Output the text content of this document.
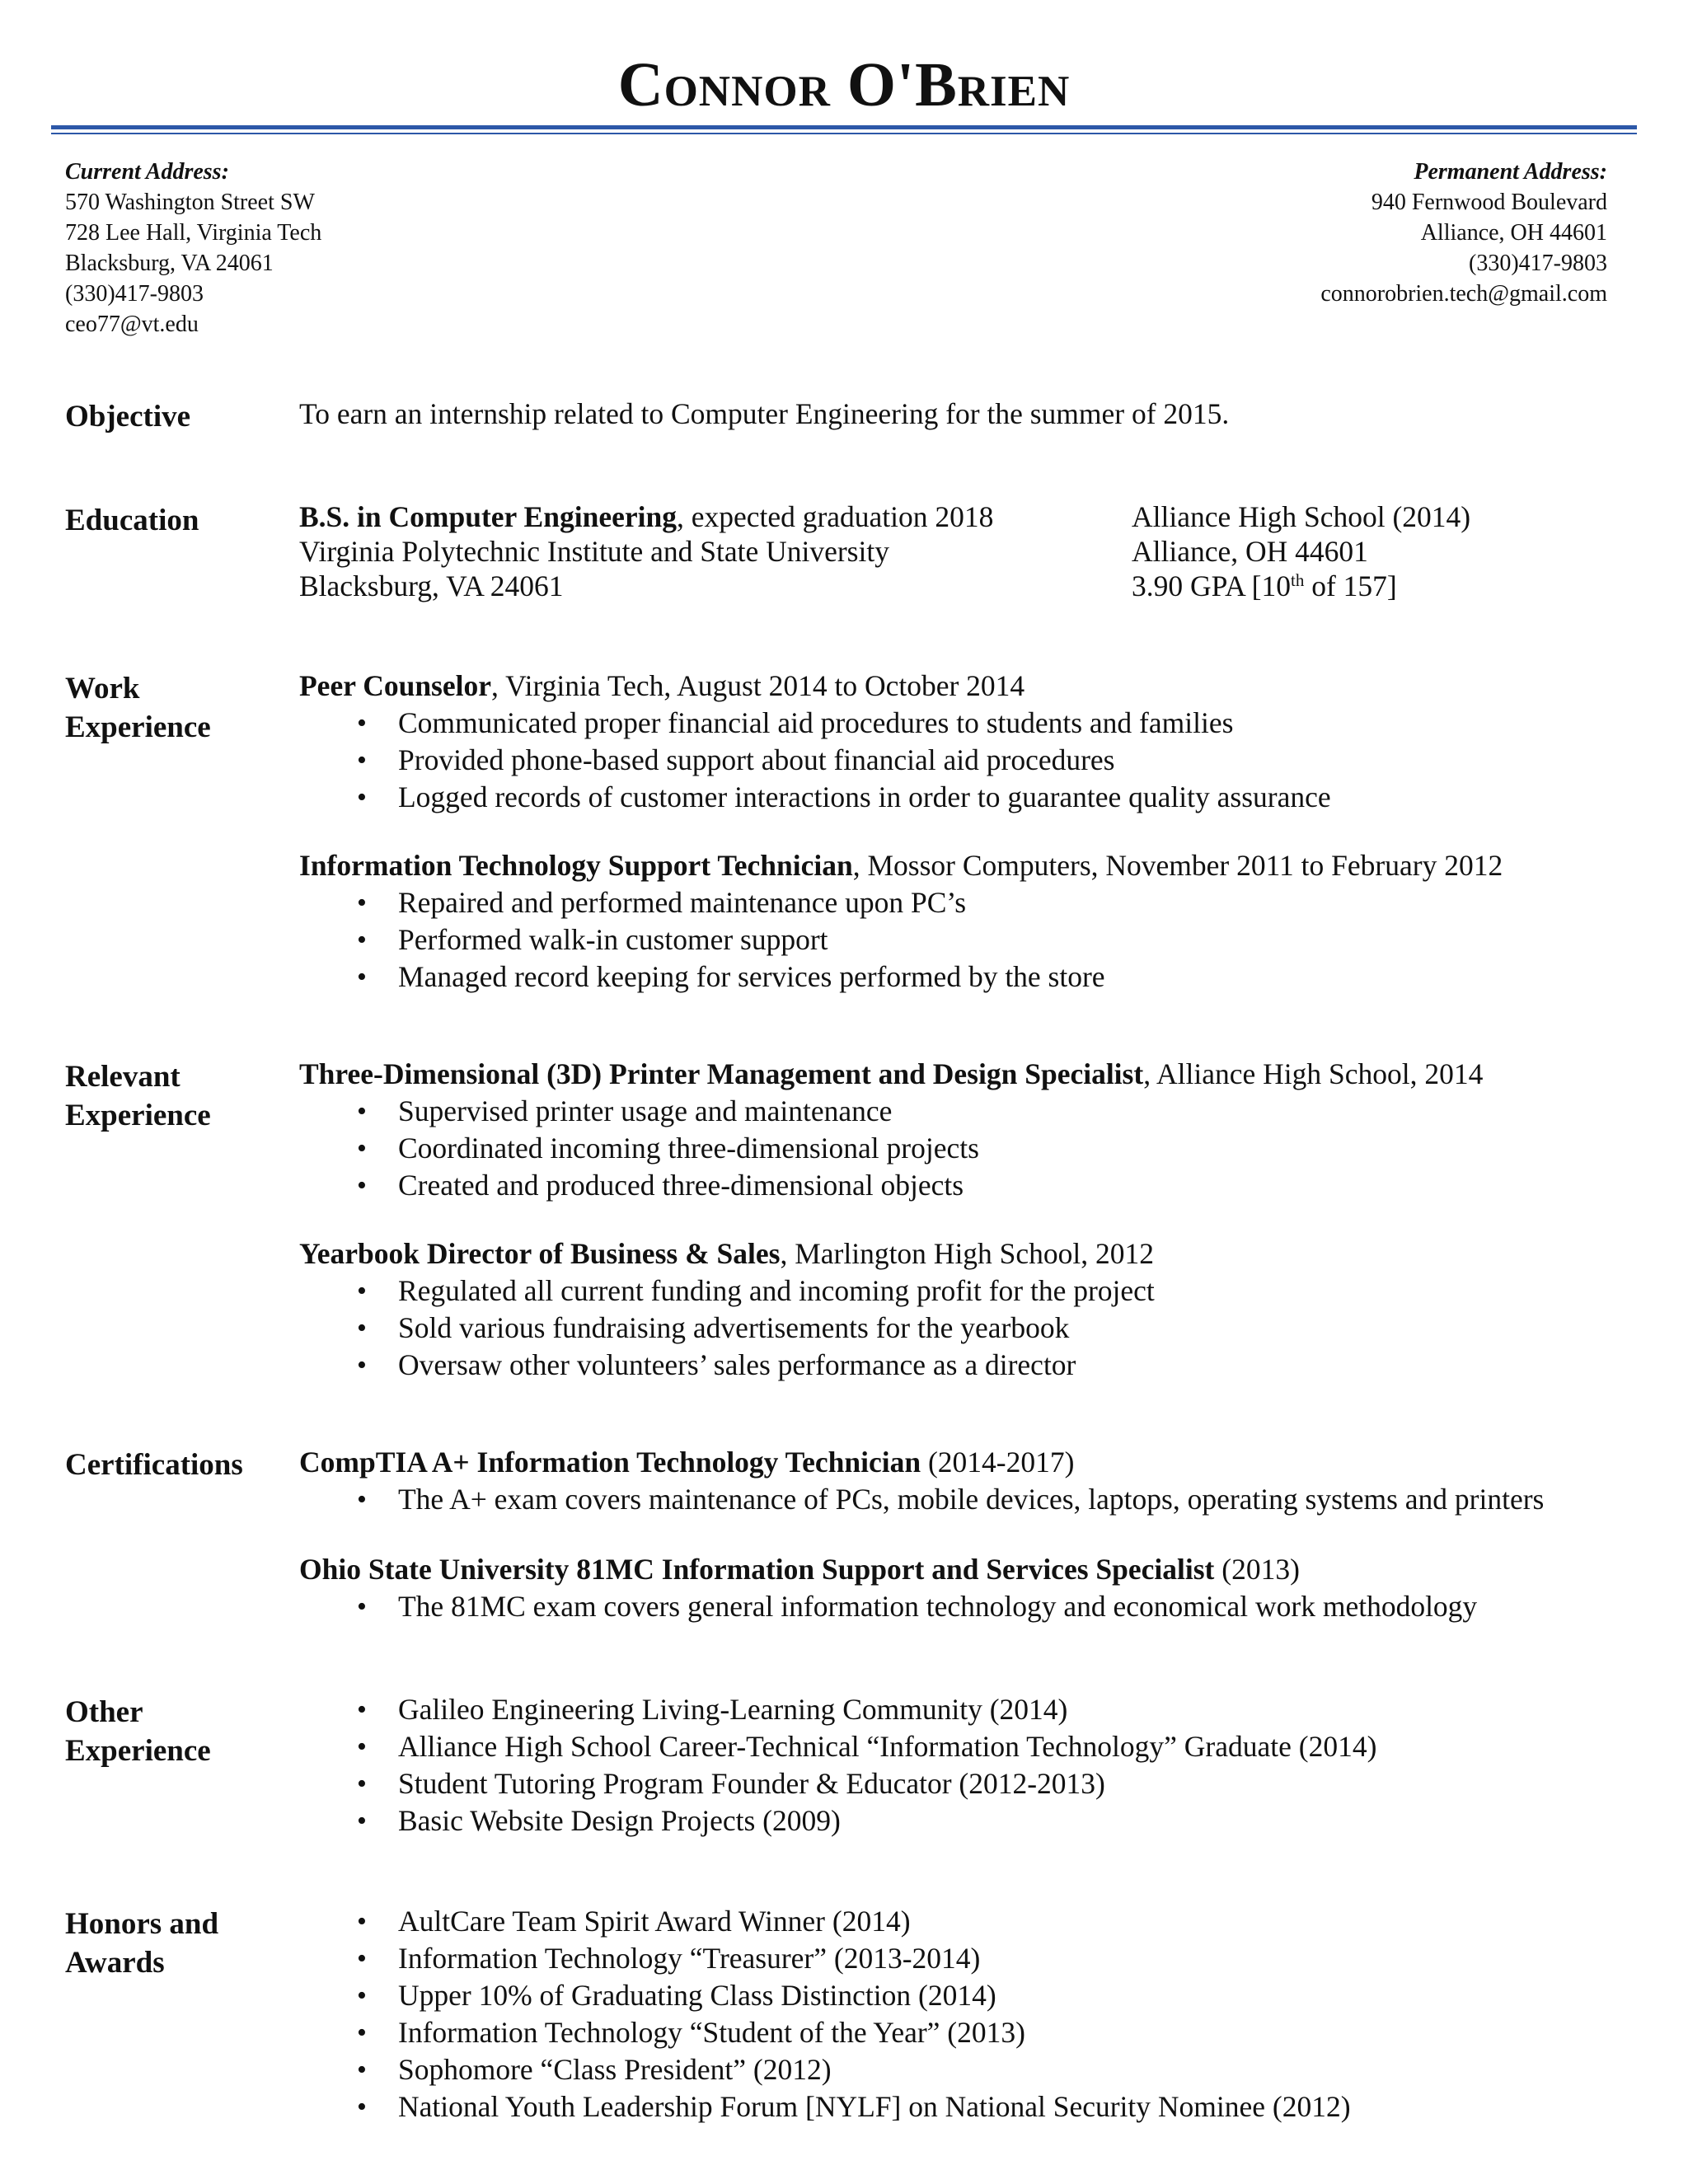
Connor O'Brien
Current Address:
570 Washington Street SW
728 Lee Hall, Virginia Tech
Blacksburg, VA 24061
(330)417-9803
ceo77@vt.edu
Permanent Address:
940 Fernwood Boulevard
Alliance, OH 44601
(330)417-9803
connorobrien.tech@gmail.com
Objective	To earn an internship related to Computer Engineering for the summer of 2015.
Education	B.S. in Computer Engineering, expected graduation 2018
Virginia Polytechnic Institute and State University
Blacksburg, VA 24061
Alliance High School (2014)
Alliance, OH 44601
3.90 GPA [10th of 157]
Work
Experience
Peer Counselor, Virginia Tech, August 2014 to October 2014
• Communicated proper financial aid procedures to students and families
• Provided phone-based support about financial aid procedures
• Logged records of customer interactions in order to guarantee quality assurance
Information Technology Support Technician, Mossor Computers, November 2011 to February 2012
• Repaired and performed maintenance upon PC’s
• Performed walk-in customer support
• Managed record keeping for services performed by the store
Relevant
Experience
Three-Dimensional (3D) Printer Management and Design Specialist, Alliance High School, 2014
• Supervised printer usage and maintenance
• Coordinated incoming three-dimensional projects
• Created and produced three-dimensional objects
Yearbook Director of Business & Sales, Marlington High School, 2012
• Regulated all current funding and incoming profit for the project
• Sold various fundraising advertisements for the yearbook
• Oversaw other volunteers’ sales performance as a director
Certifications	CompTIA A+ Information Technology Technician (2014-2017)
• The A+ exam covers maintenance of PCs, mobile devices, laptops, operating systems and printers
Ohio State University 81MC Information Support and Services Specialist (2013)
• The 81MC exam covers general information technology and economical work methodology
Other
Experience
• Galileo Engineering Living-Learning Community (2014)
• Alliance High School Career-Technical “Information Technology” Graduate (2014)
• Student Tutoring Program Founder & Educator (2012-2013)
• Basic Website Design Projects (2009)
Honors and
Awards
• AultCare Team Spirit Award Winner (2014)
• Information Technology “Treasurer” (2013-2014)
• Upper 10% of Graduating Class Distinction (2014)
• Information Technology “Student of the Year” (2013)
• Sophomore “Class President” (2012)
• National Youth Leadership Forum [NYLF] on National Security Nominee (2012)
